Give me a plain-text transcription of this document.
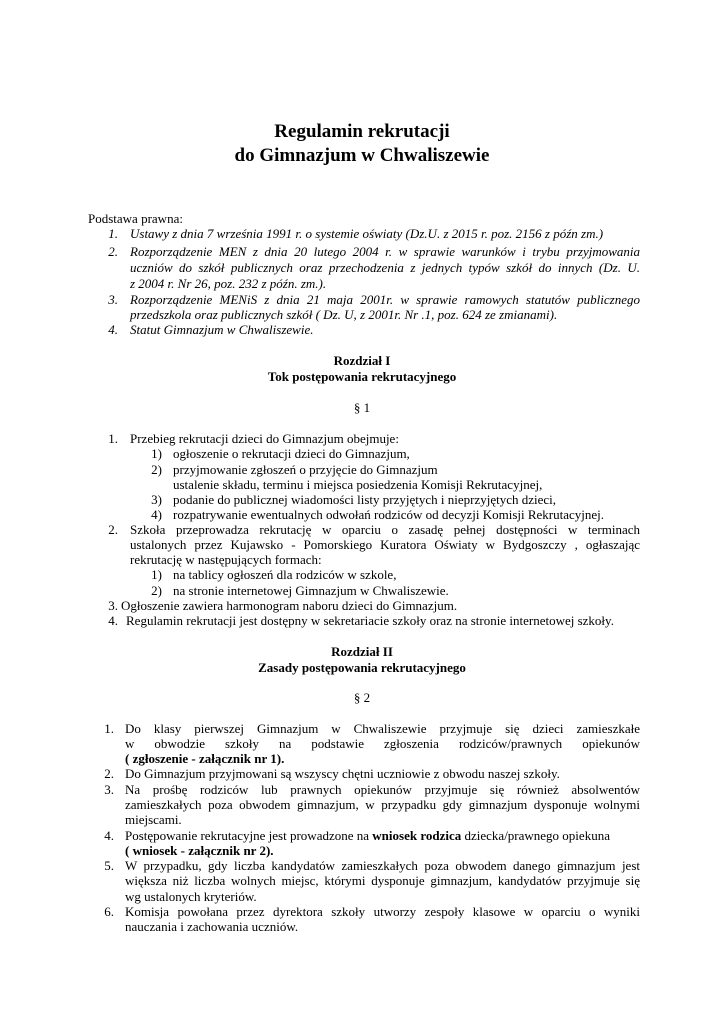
Regulamin rekrutacji
do Gimnazjum w Chwaliszewie
Podstawa prawna:
1. Ustawy z dnia 7 września 1991 r. o systemie oświaty (Dz.U. z 2015 r. poz. 2156 z późn zm.)
2. Rozporządzenie MEN z dnia 20 lutego 2004 r. w sprawie warunków i trybu przyjmowania
uczniów do szkół publicznych oraz przechodzenia z jednych typów szkół do innych (Dz. U.
z 2004 r. Nr 26, poz. 232 z późn. zm.).
3. Rozporządzenie MENiS z dnia 21 maja 2001r. w sprawie ramowych statutów publicznego
przedszkola oraz publicznych szkół ( Dz. U, z 2001r. Nr .1, poz. 624 ze zmianami).
4. Statut Gimnazjum w Chwaliszewie.
Rozdział I
Tok postępowania rekrutacyjnego
§ 1
1. Przebieg rekrutacji dzieci do Gimnazjum obejmuje:
1) ogłoszenie o rekrutacji dzieci do Gimnazjum,
2) przyjmowanie zgłoszeń o przyjęcie do Gimnazjum
ustalenie składu, terminu i miejsca posiedzenia Komisji Rekrutacyjnej,
3) podanie do publicznej wiadomości listy przyjętych i nieprzyjętych dzieci,
4) rozpatrywanie ewentualnych odwołań rodziców od decyzji Komisji Rekrutacyjnej.
2. Szkoła przeprowadza rekrutację w oparciu o zasadę pełnej dostępności w terminach
ustalonych przez Kujawsko - Pomorskiego Kuratora Oświaty w Bydgoszczy , ogłaszając
rekrutację w następujących formach:
1) na tablicy ogłoszeń dla rodziców w szkole,
2) na stronie internetowej Gimnazjum w Chwaliszewie.
3. Ogłoszenie zawiera harmonogram naboru dzieci do Gimnazjum.
4. Regulamin rekrutacji jest dostępny w sekretariacie szkoły oraz na stronie internetowej szkoły.
Rozdział II
Zasady postępowania rekrutacyjnego
§ 2
1. Do klasy pierwszej Gimnazjum w Chwaliszewie przyjmuje się dzieci zamieszkałe
w obwodzie szkoły na podstawie zgłoszenia rodziców/prawnych opiekunów
( zgłoszenie - załącznik nr 1).
2. Do Gimnazjum przyjmowani są wszyscy chętni uczniowie z obwodu naszej szkoły.
3. Na prośbę rodziców lub prawnych opiekunów przyjmuje się również absolwentów
zamieszkałych poza obwodem gimnazjum, w przypadku gdy gimnazjum dysponuje wolnymi
miejscami.
4. Postępowanie rekrutacyjne jest prowadzone na wniosek rodzica dziecka/prawnego opiekuna
( wniosek - załącznik nr 2).
5. W przypadku, gdy liczba kandydatów zamieszkałych poza obwodem danego gimnazjum jest
większa niż liczba wolnych miejsc, którymi dysponuje gimnazjum, kandydatów przyjmuje się
wg ustalonych kryteriów.
6. Komisja powołana przez dyrektora szkoły utworzy zespoły klasowe w oparciu o wyniki
nauczania i zachowania uczniów.
